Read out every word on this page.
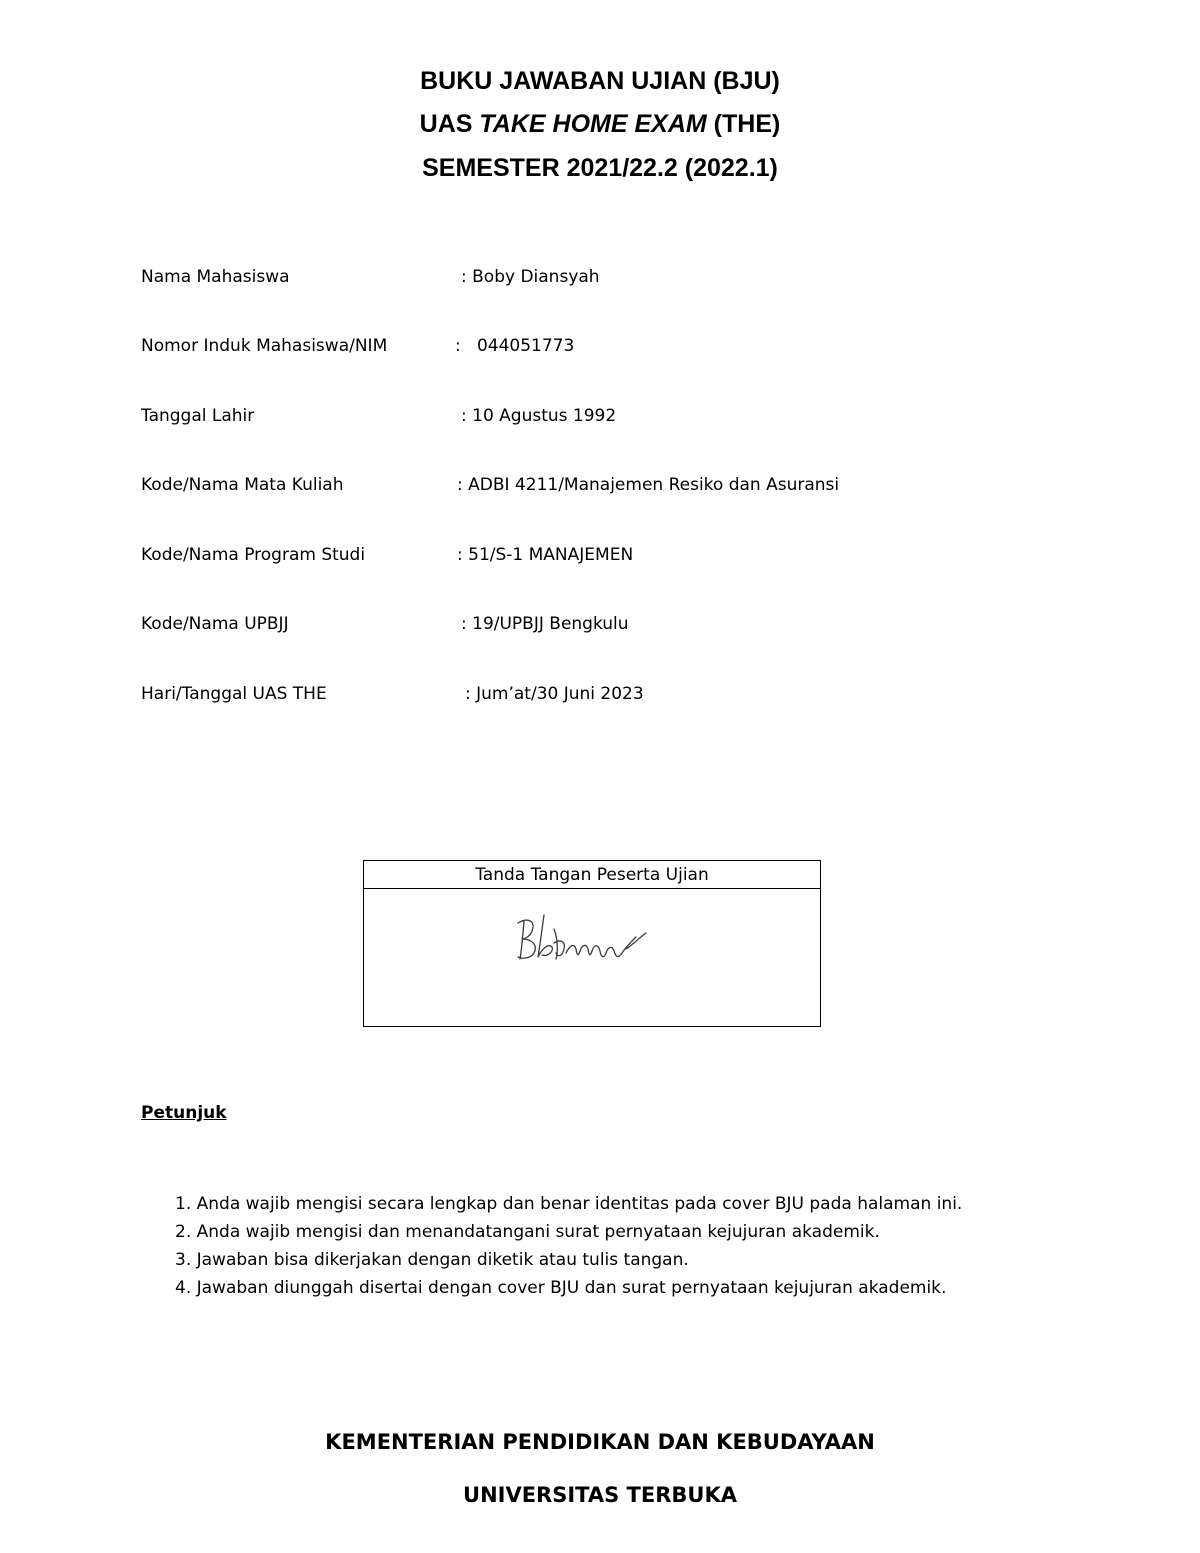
BUKU JAWABAN UJIAN (BJU)
UAS TAKE HOME EXAM (THE)
SEMESTER 2021/22.2 (2022.1)
Nama Mahasiswa	: Boby Diansyah
Nomor Induk Mahasiswa/NIM	:   044051773
Tanggal Lahir	: 10 Agustus 1992
Kode/Nama Mata Kuliah	: ADBI 4211/Manajemen Resiko dan Asuransi
Kode/Nama Program Studi	: 51/S-1 MANAJEMEN
Kode/Nama UPBJJ	: 19/UPBJJ Bengkulu
Hari/Tanggal UAS THE	: Jum’at/30 Juni 2023
Tanda Tangan Peserta Ujian
Petunjuk
1. Anda wajib mengisi secara lengkap dan benar identitas pada cover BJU pada halaman ini.
2. Anda wajib mengisi dan menandatangani surat pernyataan kejujuran akademik.
3. Jawaban bisa dikerjakan dengan diketik atau tulis tangan.
4. Jawaban diunggah disertai dengan cover BJU dan surat pernyataan kejujuran akademik.
KEMENTERIAN PENDIDIKAN DAN KEBUDAYAAN
UNIVERSITAS TERBUKA
